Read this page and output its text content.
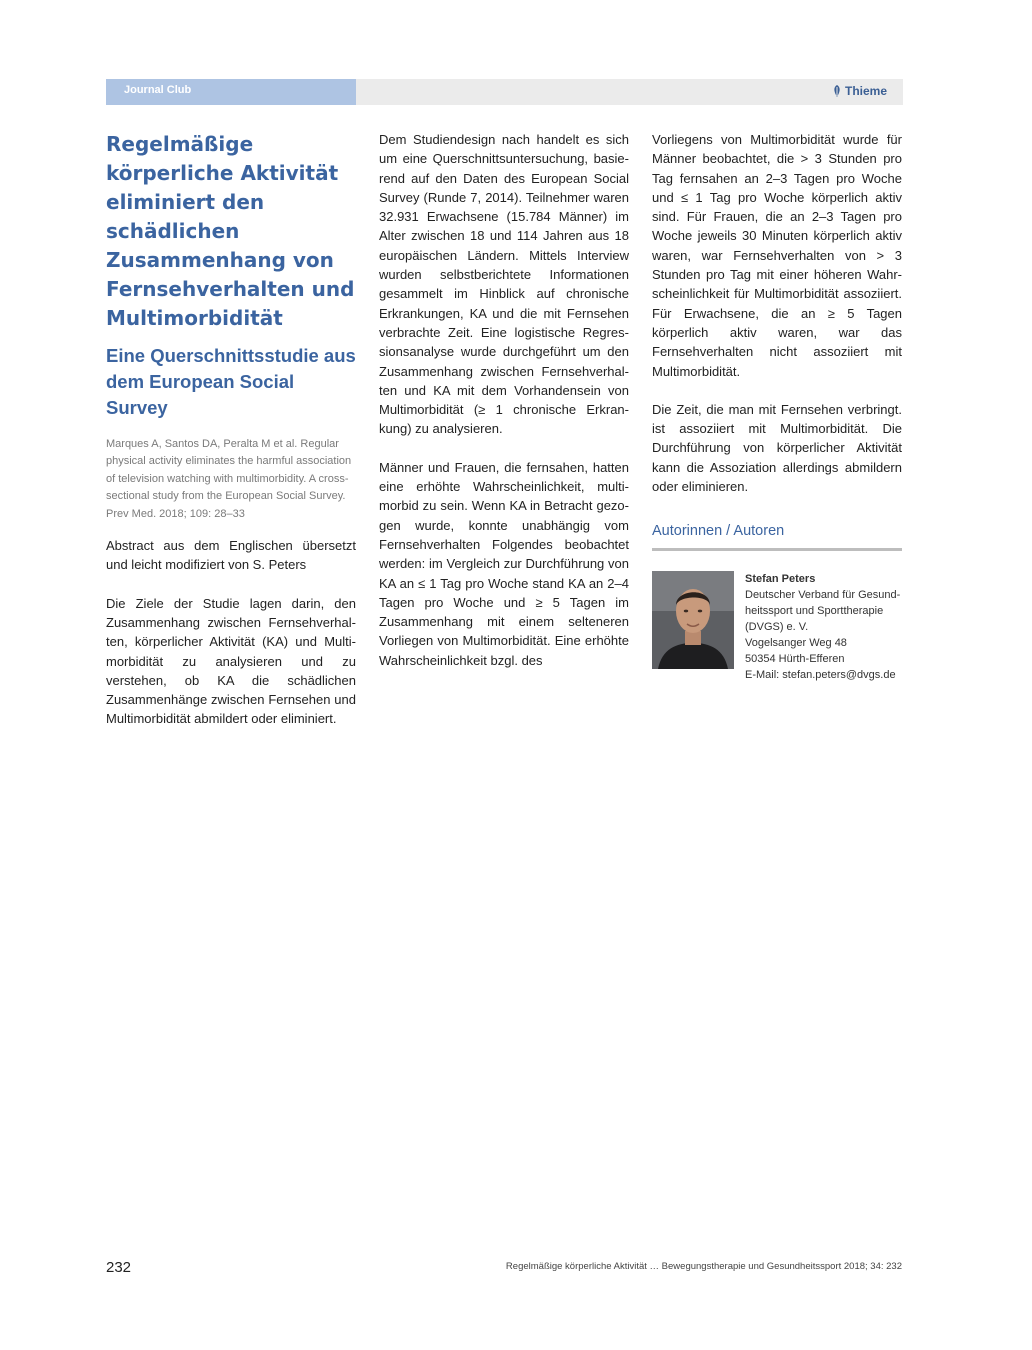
Journal Club	Thieme
Regelmäßige körperliche Aktivität eliminiert den schädlichen Zusammenhang von Fernsehverhalten und Multimorbidität
Eine Querschnittsstudie aus dem European Social Survey

Marques A, Santos DA, Peralta M et al. Regular physical activity eliminates the harmful association of television watching with multimorbidity. A cross-sectional study from the European Social Survey. Prev Med. 2018; 109: 28–33

Abstract aus dem Englischen übersetzt und leicht modifiziert von S. Peters

Die Ziele der Studie lagen darin, den Zusammenhang zwischen Fernsehverhalten, körperlicher Aktivität (KA) und Multimorbidität zu analysieren und zu verstehen, ob KA die schädlichen Zusammenhänge zwischen Fernsehen und Multimorbidität abmildert oder eliminiert.

Dem Studiendesign nach handelt es sich um eine Querschnittsuntersuchung, basierend auf den Daten des European Social Survey (Runde 7, 2014). Teilnehmer waren 32.931 Erwachsene (15.784 Männer) im Alter zwischen 18 und 114 Jahren aus 18 europäischen Ländern. Mittels Interview wurden selbstberichtete Informationen gesammelt im Hinblick auf chronische Erkrankungen, KA und die mit Fernsehen verbrachte Zeit. Eine logistische Regressionsanalyse wurde durchgeführt um den Zusammenhang zwischen Fernsehverhalten und KA mit dem Vorhandensein von Multimorbidität (≥ 1 chronische Erkrankung) zu analysieren.

Männer und Frauen, die fernsahen, hatten eine erhöhte Wahrscheinlichkeit, multimorbid zu sein. Wenn KA in Betracht gezogen wurde, konnte unabhängig vom Fernsehverhalten Folgendes beobachtet werden: im Vergleich zur Durchführung von KA an ≤ 1 Tag pro Woche stand KA an 2–4 Tagen pro Woche und ≥ 5 Tagen im Zusammenhang mit einem selteneren Vorliegen von Multimorbidität. Eine erhöhte Wahrscheinlichkeit bzgl. des

Vorliegens von Multimorbidität wurde für Männer beobachtet, die > 3 Stunden pro Tag fernsahen an 2–3 Tagen pro Woche und ≤ 1 Tag pro Woche körperlich aktiv sind. Für Frauen, die an 2–3 Tagen pro Woche jeweils 30 Minuten körperlich aktiv waren, war Fernsehverhalten von > 3 Stunden pro Tag mit einer höheren Wahrscheinlichkeit für Multimorbidität assoziiert. Für Erwachsene, die an ≥ 5 Tagen körperlich aktiv waren, war das Fernsehverhalten nicht assoziiert mit Multimorbidität.

Die Zeit, die man mit Fernsehen verbringt. ist assoziiert mit Multimorbidität. Die Durchführung von körperlicher Aktivität kann die Assoziation allerdings abmildern oder eliminieren.

Autorinnen / Autoren
Stefan Peters
Deutscher Verband für Gesundheitssport und Sporttherapie
(DVGS) e. V.
Vogelsanger Weg 48
50354 Hürth-Efferen
E-Mail: stefan.peters@dvgs.de
232	Regelmäßige körperliche Aktivität … Bewegungstherapie und Gesundheitssport 2018; 34: 232
